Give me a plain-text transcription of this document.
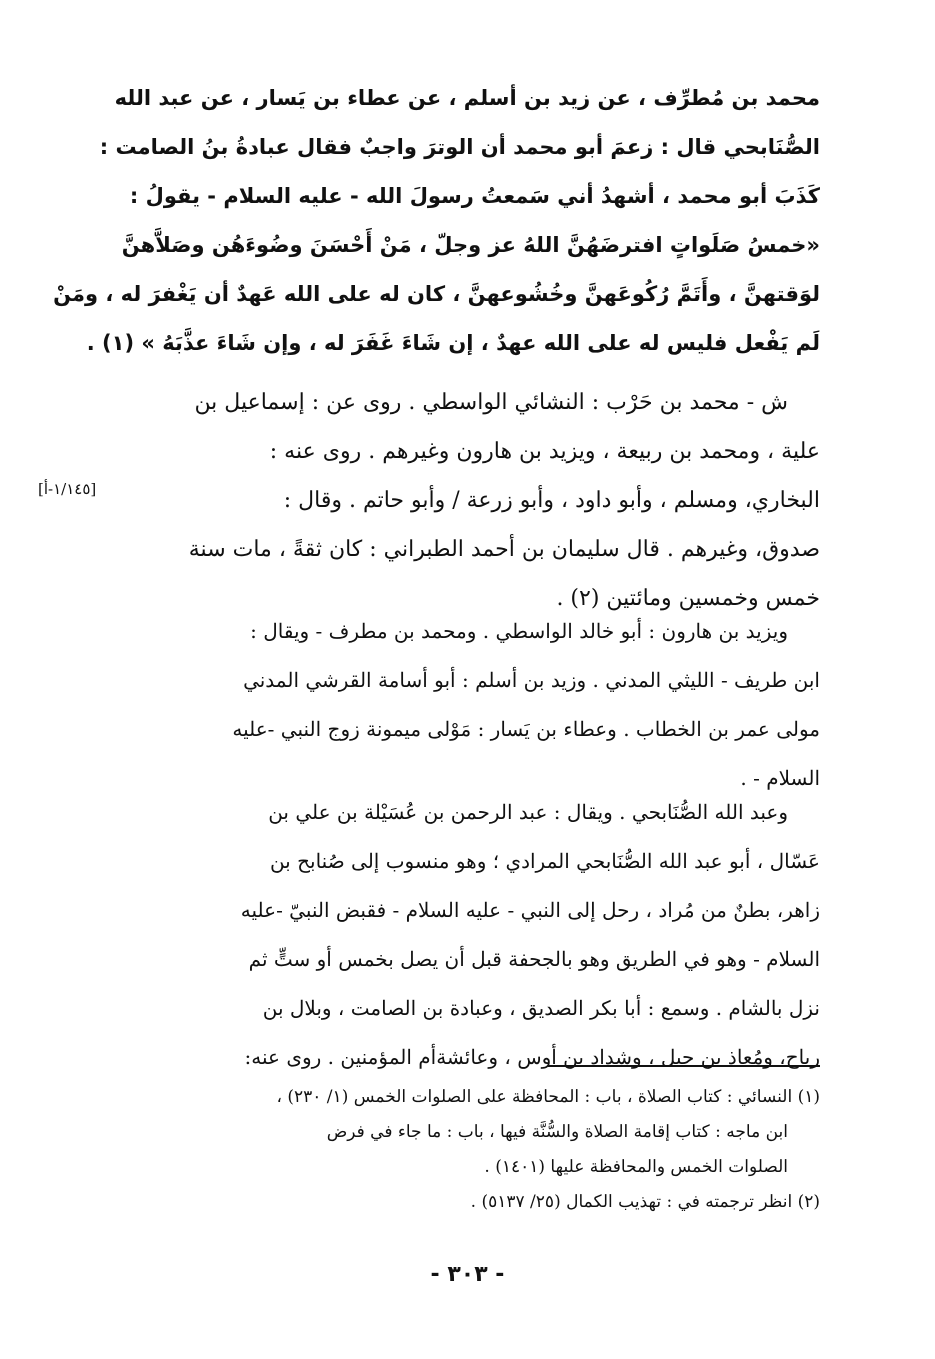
محمد بن مُطرِّف ، عن زيد بن أسلم ، عن عطاء بن يَسار ، عن عبد الله
الصُّنَابحي قال : زعمَ أبو محمد أن الوترَ واجبٌ فقال عبادةُ بنُ الصامت :
كَذَبَ أبو محمد ، أشهدُ أني سَمعتُ رسولَ الله - عليه السلام - يقولُ :
«خمسُ صَلَواتٍ افترضَهُنَّ اللهُ عز وجلّ ، مَنْ أَحْسَنَ وضُوءَهُن وصَلاَّهنَّ
لوَقتهنَّ ، وأَتَمَّ رُكُوعَهنَّ وخُشُوعهنَّ ، كان له على الله عَهدٌ أن يَغْفرَ له ، ومَنْ
لَم يَفْعل فليس له على الله عهدٌ ، إن شَاءَ غَفَرَ له ، وإن شَاءَ عذَّبَهُ » (١) .
ش - محمد بن حَرْب : النشائي الواسطي . روى عن : إسماعيل بن
علية ، ومحمد بن ربيعة ، ويزيد بن هارون وغيرهم . روى عنه :
البخاري، ومسلم ، وأبو داود ، وأبو زرعة / وأبو حاتم . وقال :
صدوق، وغيرهم . قال سليمان بن أحمد الطبراني : كان ثقةً ، مات سنة
خمس وخمسين ومائتين (٢) .
[١/١٤٥-أ]
ويزيد بن هارون : أبو خالد الواسطي . ومحمد بن مطرف - ويقال :
ابن طريف - الليثي المدني . وزيد بن أسلم : أبو أسامة القرشي المدني
مولى عمر بن الخطاب . وعطاء بن يَسار : مَوْلى ميمونة زوج النبي -عليه
السلام - .
وعبد الله الصُّنَابحي . ويقال : عبد الرحمن بن عُسَيْلة بن علي بن
عَسّال ، أبو عبد الله الصُّنَابحي المرادي ؛ وهو منسوب إلى صُنابح بن
زاهر، بطنٌ من مُراد ، رحل إلى النبي - عليه السلام - فقبض النبيّ -عليه
السلام - وهو في الطريق وهو بالجحفة قبل أن يصل بخمس أو ستٍّ ثم
نزل بالشام . وسمع : أبا بكر الصديق ، وعبادة بن الصامت ، وبلال بن
رباح، ومُعاذ بن جبل ، وشداد بن أوس ، وعائشةأم المؤمنين . روى عنه:
(١) النسائي : كتاب الصلاة ، باب : المحافظة على الصلوات الخمس (١/ ٢٣٠) ،
ابن ماجه : كتاب إقامة الصلاة والسُّنَّة فيها ، باب : ما جاء في فرض
الصلوات الخمس والمحافظة عليها (١٤٠١) .
(٢) انظر ترجمته في : تهذيب الكمال (٢٥/ ٥١٣٧) .
- ٣٠٣ -
